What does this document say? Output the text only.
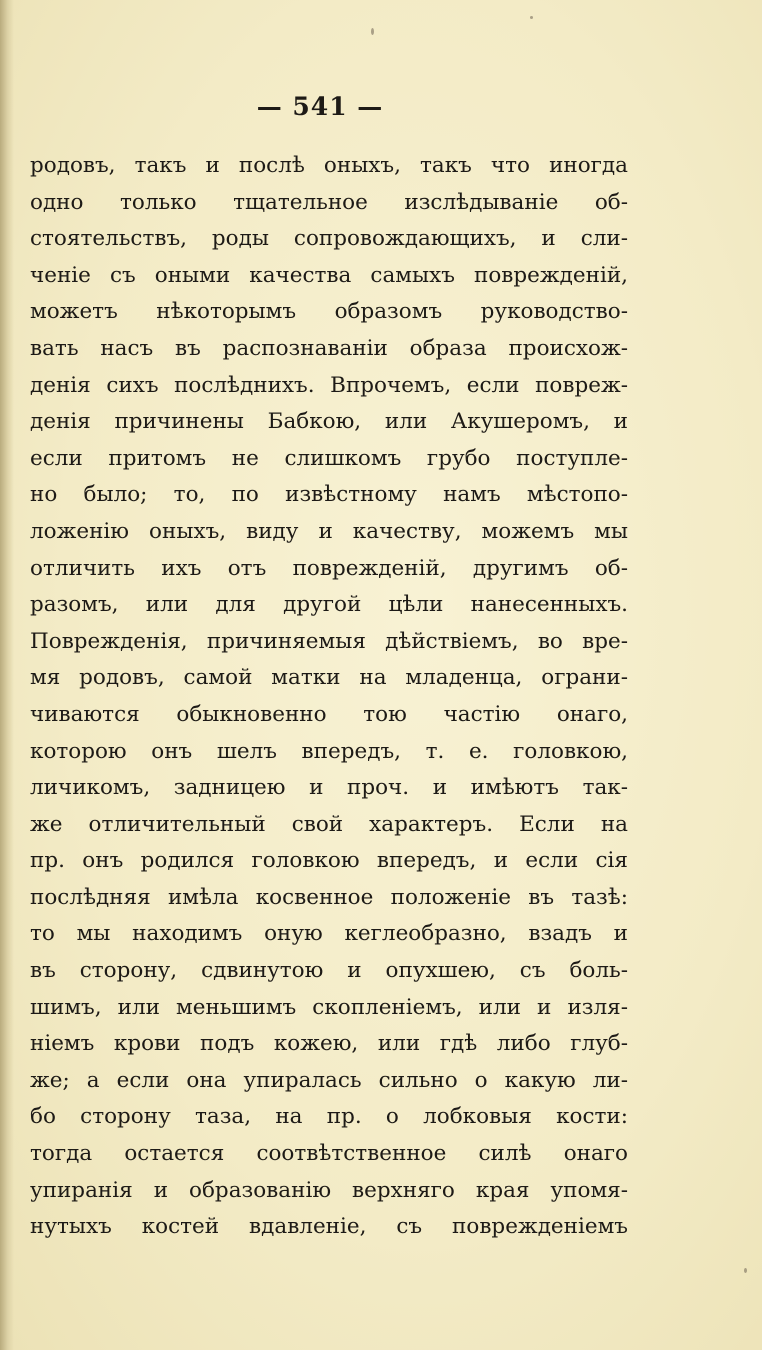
— 541 —
родовъ, такъ и послѣ оныхъ, такъ что иногда
одно только тщательное изслѣдываніе об-
стоятельствъ, роды сопровождающихъ, и сли-
ченіе съ оными качества самыхъ поврежденій,
можетъ нѣкоторымъ образомъ руководство-
вать насъ въ распознаваніи образа происхож-
денія сихъ послѣднихъ. Впрочемъ, если повреж-
денія причинены Бабкою, или Акушеромъ, и
если притомъ не слишкомъ грубо поступле-
но было; то, по извѣстному намъ мѣстопо-
ложенію оныхъ, виду и качеству, можемъ мы
отличить ихъ отъ поврежденій, другимъ об-
разомъ, или для другой цѣли нанесенныхъ.
Поврежденія, причиняемыя дѣйствіемъ, во вре-
мя родовъ, самой матки на младенца, ограни-
чиваются обыкновенно тою частію онаго,
которою онъ шелъ впередъ, т. е. головкою,
личикомъ, задницею и проч. и имѣютъ так-
же отличительный свой характеръ. Если на
пр. онъ родился головкою впередъ, и если сія
послѣдняя имѣла косвенное положеніе въ тазѣ:
то мы находимъ оную кеглеобразно, взадъ и
въ сторону, сдвинутою и опухшею, съ боль-
шимъ, или меньшимъ скопленіемъ, или и изля-
ніемъ крови подъ кожею, или гдѣ либо глуб-
же; а если она упиралась сильно о какую ли-
бо сторону таза, на пр. о лобковыя кости:
тогда остается соотвѣтственное силѣ онаго
упиранія и образованію верхняго края упомя-
нутыхъ костей вдавленіе, съ поврежденіемъ
